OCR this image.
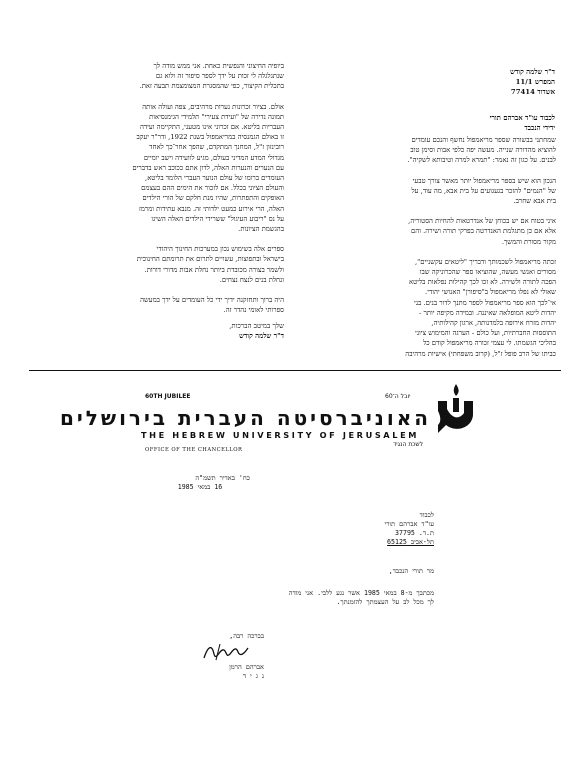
ד"ר שלמה קודש
המפרש 11/1
אשדוד 77414
לכבוד עו"ד אברהם תורי
ידידי הנכבד

שמחתני בבשורה שספר מריאמפול נחשף והנכם עומדים
להוציא מהדורה שנייה. מעשה יפה כלפי אבות וסימן טוב
לבנים. על כגון זה נאמר: "תמרא למרה וטיבותא לשקיה".

הנכון הוא שיש בספר מריאמפול יותר מאשר צורך טבעי
של "הנמים" להזכר בגעגועים על בית אבא, מה עוד, על
בית אבא שחרב.

איני בטוח אם יש בכוחן של אנדרטאות להחיות הסטוריה,
אלא אם כן מתגלמת האנדרטה בפרקי תורה ושירה. והם
מקור מסורת והמשך.

זכתה מריאמפול לשכמותך ודבריך "ליטאים עקשניים",
מסורים ואנשי מעשה, שהוציאו ספר שהכרוניקה שבו
הפכה לתורה ולשירה. לא זכו לכך קהילות נפלאות בליטא
שאולי לא נפלו מריאמפול ב"סיפורן" האנושי יהודי.
אי־לכך הוא ספר מריאמפול לספר מתנך לדור בנים. בני
יהדות ליטא המופלאה שאיננה. ובמידה מקיפה יותר -
יהדות מזרח אירופה בלמדנותה, ארגון קהילותיה,
התוססות החברתיות, ועל כולם - הערגה והמימוש ציוני
בהליכי הגשמתו. לי עצמי זכורה מריאמפול קודם כל
כביתו של הרב פופל ז"ל, (קרוב משפחתי) אישיות מרהיבה

ביופיה החיצוני והנפשית כאחת. אני ממש מודה לך
שנתגלגלה לי זכות על ידך לספר סיפור זה ולוא גם
בתכלית הקיצור, כפי שהמסגרת המצומצמת תבעה זאת.

אולם. בציור זכרונות נערות מרהיבים, צפה ועולה אותה
תמונה נדירה של "ועידת צעירי" תלמידי הגימנסיאות
העבריות בליטא. אם זכרוני אינו מטעני, התקיימה ועידה
זו באולם הגמנסיה במריאמפול בשנת 1922, ודר"ר יעקב
רובינזון ז"ל, המחנך המתקדם, שהפך אחר־כך לאחד
מגדולי המדע המדיני בעולם, מגיע לוועידה וישב יומיים
עם הנערים והנערות האלה, לדון אתם ככוכב ראש בדברים
העומדים ברומו של עולם הנוער העברי הלומד בליטא,
והעולם הציוני בכלל. אם לזכור את הימים ההם בעצמם
האופקים והתפתרות, שהיו מנת חלקם של הורי הילדים
האלה, הרי אירוע כמעט ילדותי זה. מנבא עתידות ומרמז
על נס "ריבוע העיגול" ששרידי הילדים האלה השיגו
בהגשמת הציונות.

ספרים אלה בשימוש נכון במערכות החינוך היהודי
בישראל ובתפוצות, עשויים לתרום את תרומתם החינוכית
ולשמר בצורה מכובדת ביותר נחלת אבות מדורי דורות.
ונחלת בנים לנצח נצחים.

היה ברוך ותחזקנה ידיך ידי כל העומדים על ידך במעשה
ספרותי לאומי נהדר זה.

שלך במיטב הברכות,
ד"ר שלמה קודש
60TH JUBILEE	יובל ה־60
האוניברסיטה העברית בירושלים
THE HEBREW UNIVERSITY OF JERUSALEM
OFFICE OF THE CHANCELLOR
לשכת הנגיד
כח' באדיר תשמ"ה
16 במאי 1985
לכבוד
עו"ד אברהם תורי
ת.ד. 37795
תל-אביב 65125
מר תורי הנכבד,
מכתבך מ-8 במאי 1985 אשר נגע ללבי. אני מודה
לך מכל לב על העצמתך להזמנתך.
בברכה רבה,
אברהם הרמן
נ ג י ד
